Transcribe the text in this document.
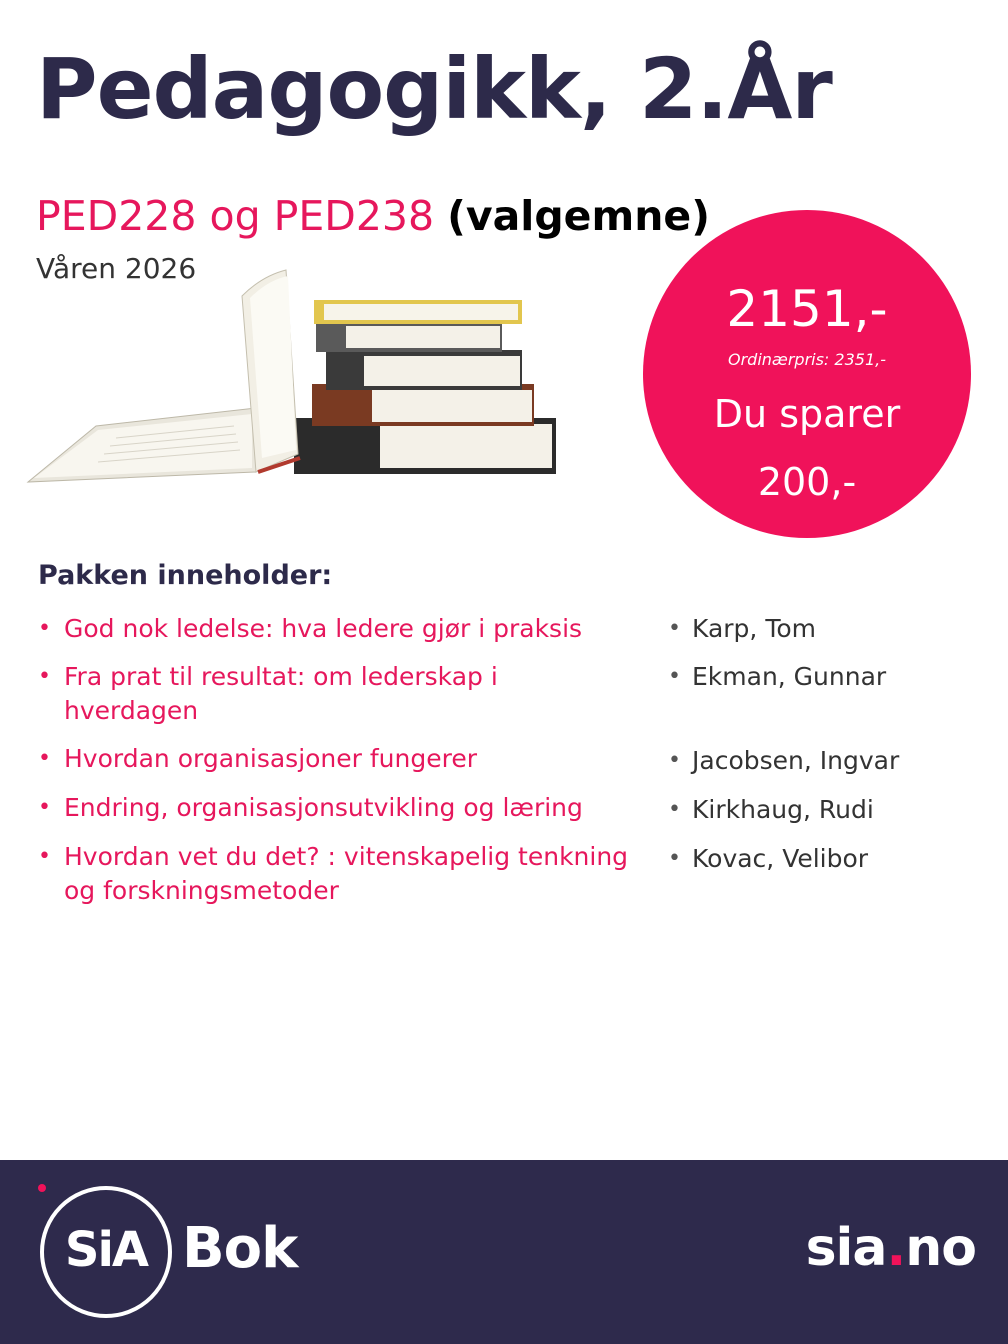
Pedagogikk, 2.År
PED228 og PED238 (valgemne)
Våren 2026
2151,-
Ordinærpris: 2351,-
Du sparer
200,-
Pakken inneholder:
• God nok ledelse: hva ledere gjør i praksis
• Fra prat til resultat: om lederskap i hverdagen
• Hvordan organisasjoner fungerer
• Endring, organisasjonsutvikling og læring
• Hvordan vet du det? : vitenskapelig tenkning og forskningsmetoder
• Karp, Tom
• Ekman, Gunnar
• Jacobsen, Ingvar
• Kirkhaug, Rudi
• Kovac, Velibor
SiA Bok	sia.no
